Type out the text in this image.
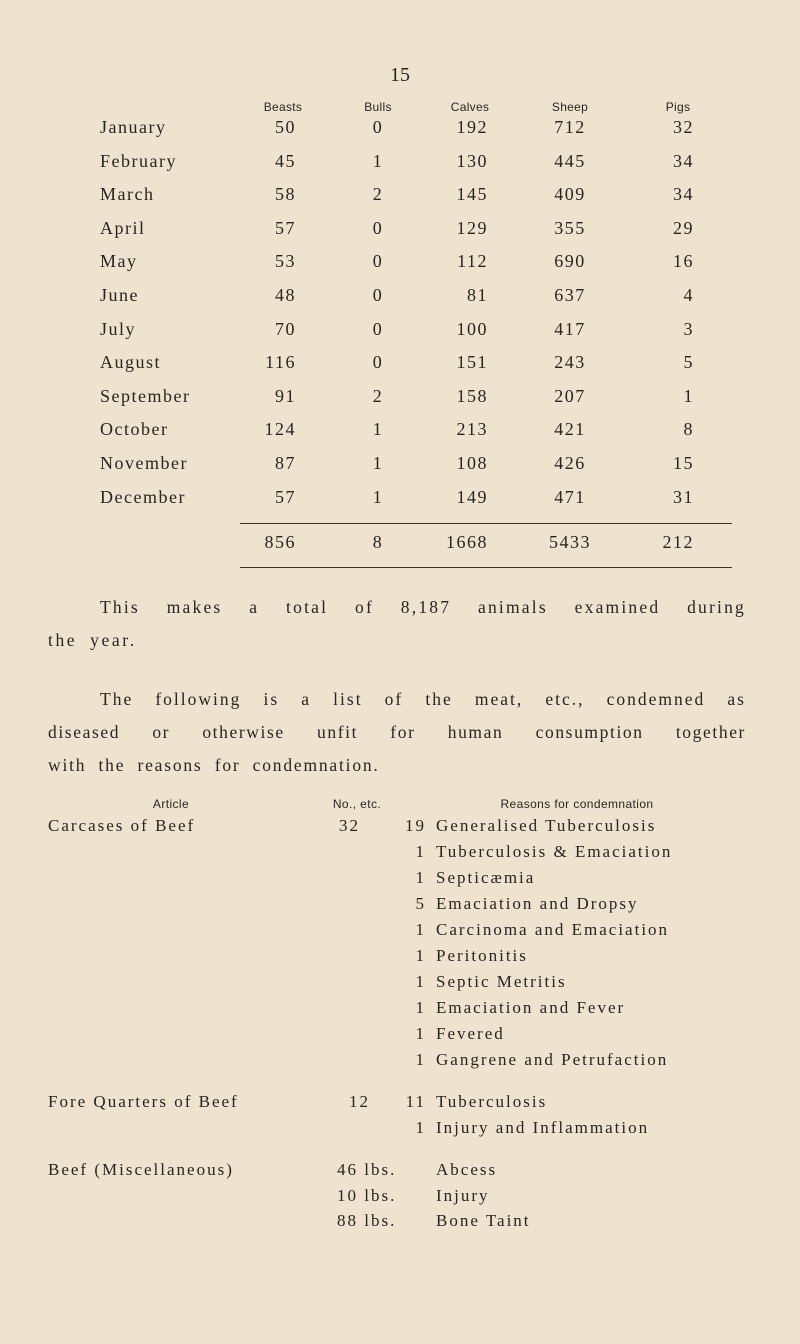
15
Beasts	Bulls	Calves	Sheep	Pigs
January	50	0	192	712	32
February	45	1	130	445	34
March	58	2	145	409	34
April	57	0	129	355	29
May	53	0	112	690	16
June	48	0	81	637	4
July	70	0	100	417	3
August	116	0	151	243	5
September	91	2	158	207	1
October	124	1	213	421	8
November	87	1	108	426	15
December	57	1	149	471	31
856	8	1668	5433	212
This makes a total of 8,187 animals examined during
the year.
The following is a list of the meat, etc., condemned as
diseased or otherwise unfit for human consumption together
with the reasons for condemnation.
Article	No., etc.	Reasons for condemnation
Carcases of Beef	32	19 Generalised Tuberculosis
1 Tuberculosis & Emaciation
1 Septicæmia
5 Emaciation and Dropsy
1 Carcinoma and Emaciation
1 Peritonitis
1 Septic Metritis
1 Emaciation and Fever
1 Fevered
1 Gangrene and Petrufaction
Fore Quarters of Beef	12	11 Tuberculosis
1 Injury and Inflammation
Beef (Miscellaneous)	46 lbs. Abcess
10 lbs. Injury
88 lbs. Bone Taint
